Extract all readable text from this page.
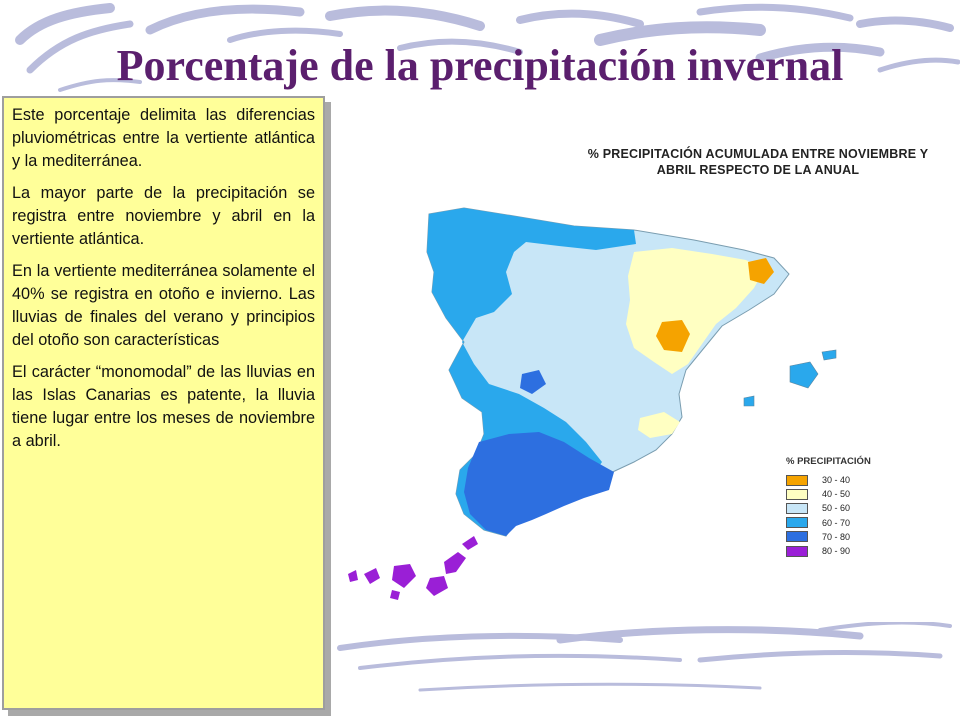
Porcentaje de la precipitación invernal

Este porcentaje delimita las diferencias pluviométricas entre la vertiente atlántica y la mediterránea.

La mayor parte de la precipitación se registra entre noviembre y abril en la vertiente atlántica.

En la vertiente mediterránea solamente el 40% se registra en otoño e invierno. Las lluvias de finales del verano y principios del otoño son características

El carácter “monomodal” de las lluvias en las Islas Canarias es patente, la lluvia tiene lugar entre los meses de noviembre a abril.

% PRECIPITACIÓN ACUMULADA ENTRE NOVIEMBRE Y ABRIL RESPECTO DE LA ANUAL
% PRECIPITACIÓN
30 - 40
40 - 50
50 - 60
60 - 70
70 - 80
80 - 90
